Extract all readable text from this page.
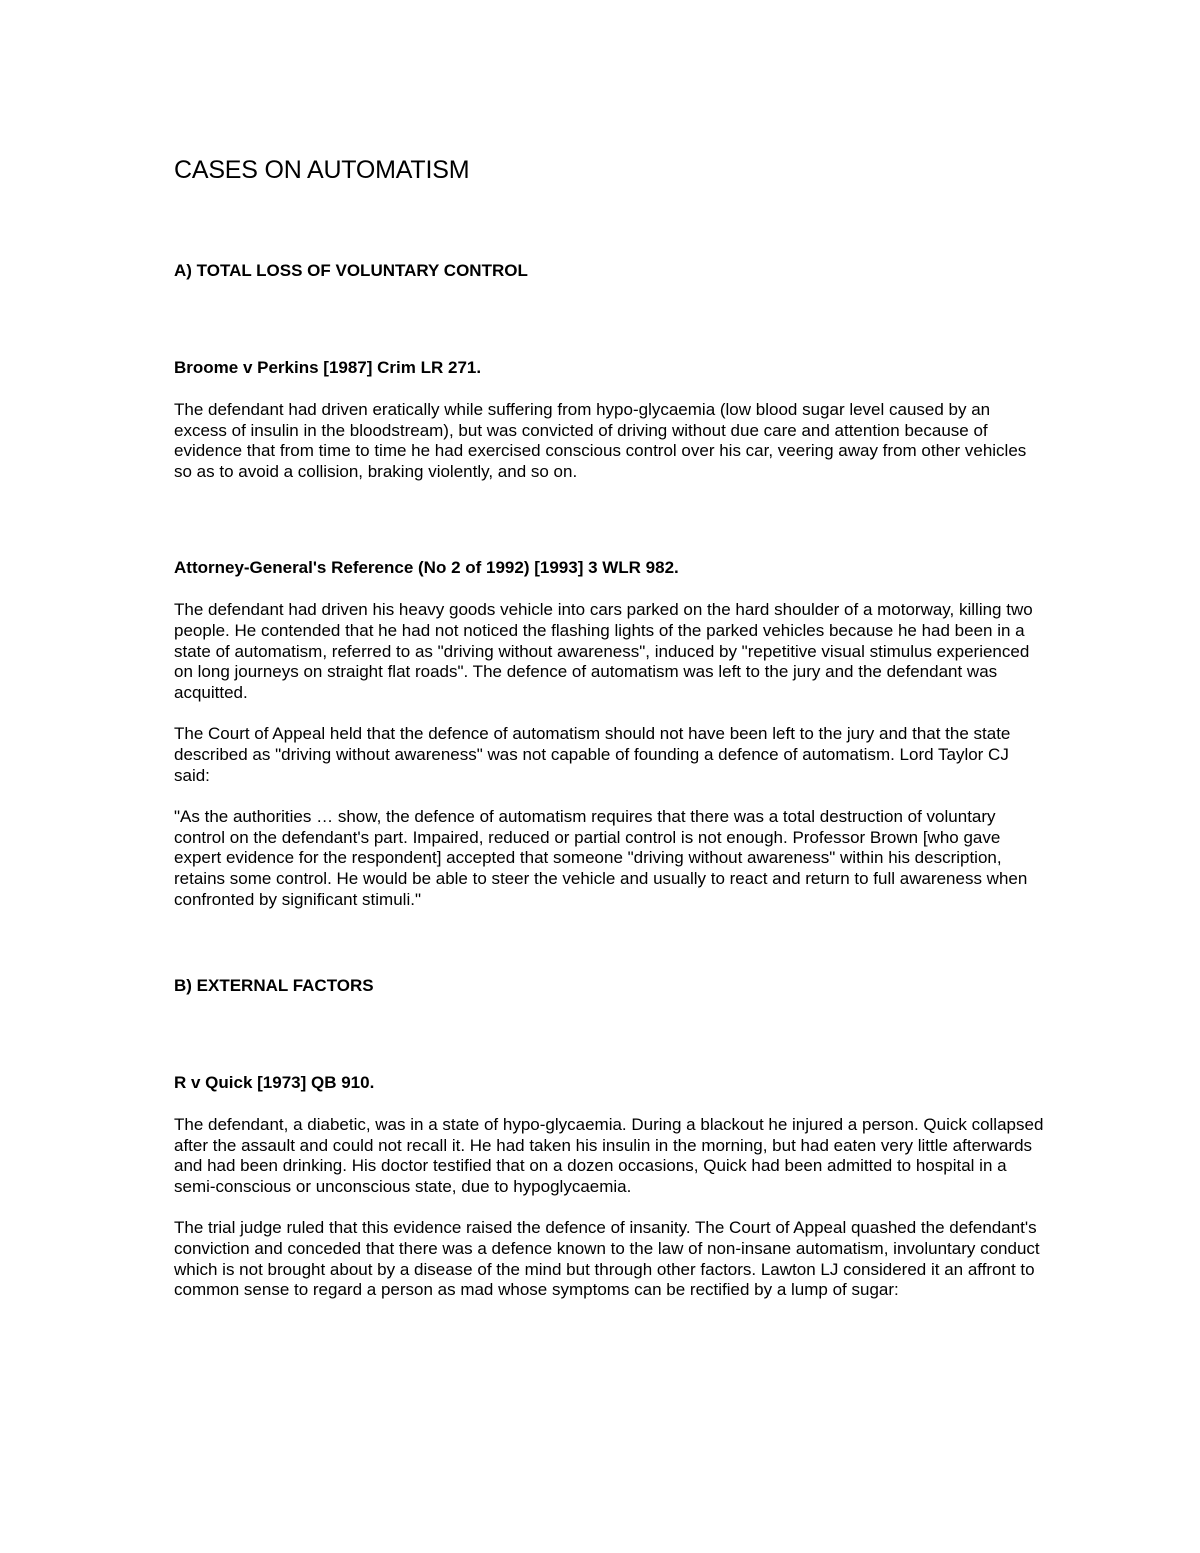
CASES ON AUTOMATISM
A) TOTAL LOSS OF VOLUNTARY CONTROL
Broome v Perkins [1987] Crim LR 271.

The defendant had driven eratically while suffering from hypo-glycaemia (low blood sugar level caused by an excess of insulin in the bloodstream), but was convicted of driving without due care and attention because of evidence that from time to time he had exercised conscious control over his car, veering away from other vehicles so as to avoid a collision, braking violently, and so on.

Attorney-General's Reference (No 2 of 1992) [1993] 3 WLR 982.

The defendant had driven his heavy goods vehicle into cars parked on the hard shoulder of a motorway, killing two people. He contended that he had not noticed the flashing lights of the parked vehicles because he had been in a state of automatism, referred to as "driving without awareness", induced by "repetitive visual stimulus experienced on long journeys on straight flat roads". The defence of automatism was left to the jury and the defendant was acquitted.

The Court of Appeal held that the defence of automatism should not have been left to the jury and that the state described as "driving without awareness" was not capable of founding a defence of automatism. Lord Taylor CJ said:

"As the authorities … show, the defence of automatism requires that there was a total destruction of voluntary control on the defendant's part. Impaired, reduced or partial control is not enough. Professor Brown [who gave expert evidence for the respondent] accepted that someone "driving without awareness" within his description, retains some control. He would be able to steer the vehicle and usually to react and return to full awareness when confronted by significant stimuli."

B) EXTERNAL FACTORS
R v Quick [1973] QB 910.

The defendant, a diabetic, was in a state of hypo-glycaemia. During a blackout he injured a person. Quick collapsed after the assault and could not recall it. He had taken his insulin in the morning, but had eaten very little afterwards and had been drinking. His doctor testified that on a dozen occasions, Quick had been admitted to hospital in a semi-conscious or unconscious state, due to hypoglycaemia.

The trial judge ruled that this evidence raised the defence of insanity. The Court of Appeal quashed the defendant's conviction and conceded that there was a defence known to the law of non-insane automatism, involuntary conduct which is not brought about by a disease of the mind but through other factors. Lawton LJ considered it an affront to common sense to regard a person as mad whose symptoms can be rectified by a lump of sugar:
